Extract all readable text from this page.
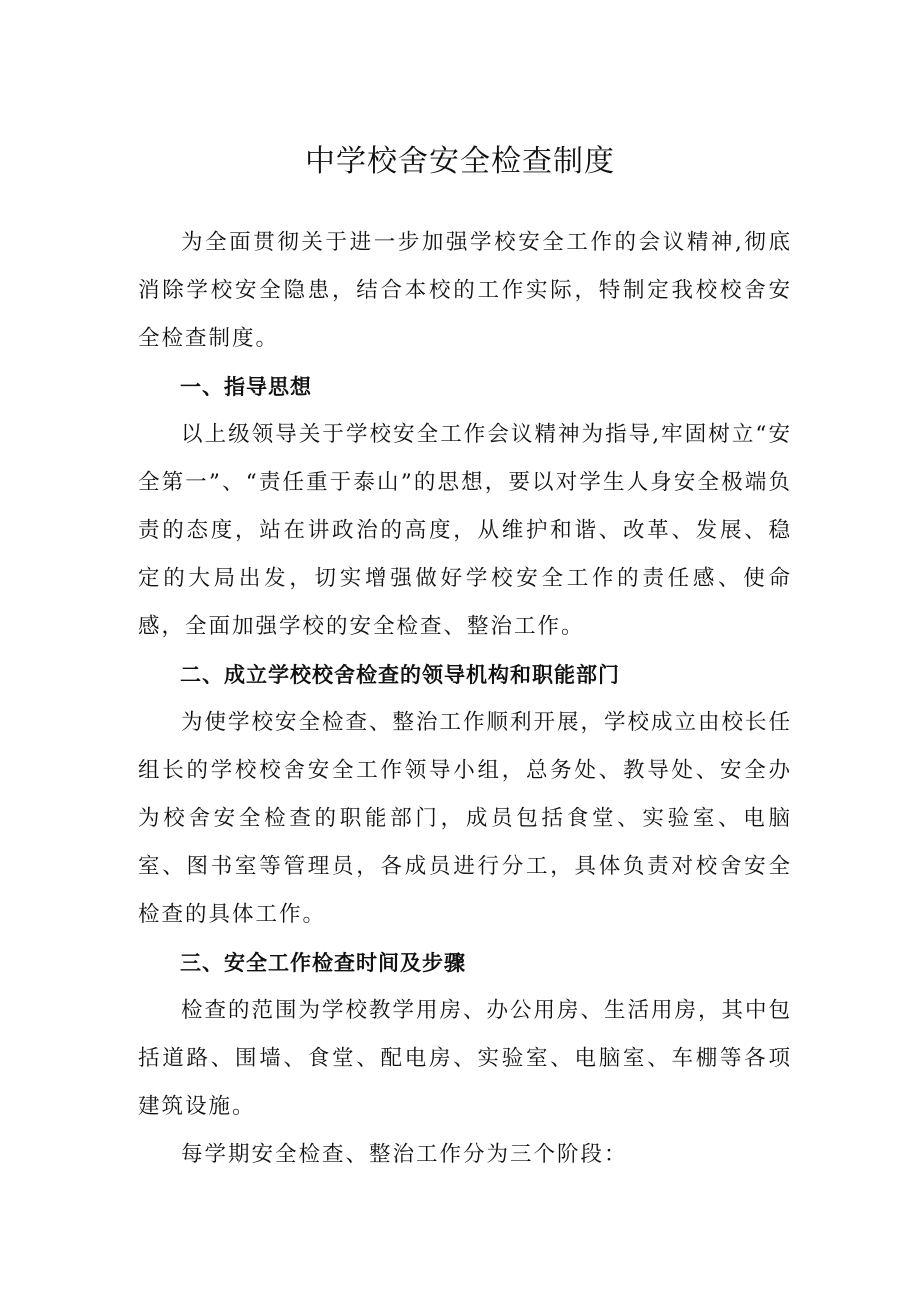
中学校舍安全检查制度

为全面贯彻关于进一步加强学校安全工作的会议精神,彻底消除学校安全隐患，结合本校的工作实际，特制定我校校舍安全检查制度。

一、指导思想

以上级领导关于学校安全工作会议精神为指导,牢固树立“安全第一”、“责任重于泰山”的思想，要以对学生人身安全极端负责的态度，站在讲政治的高度，从维护和谐、改革、发展、稳定的大局出发，切实增强做好学校安全工作的责任感、使命感，全面加强学校的安全检查、整治工作。

二、成立学校校舍检查的领导机构和职能部门

为使学校安全检查、整治工作顺利开展，学校成立由校长任组长的学校校舍安全工作领导小组，总务处、教导处、安全办为校舍安全检查的职能部门，成员包括食堂、实验室、电脑室、图书室等管理员，各成员进行分工，具体负责对校舍安全检查的具体工作。

三、安全工作检查时间及步骤

检查的范围为学校教学用房、办公用房、生活用房，其中包括道路、围墙、食堂、配电房、实验室、电脑室、车棚等各项建筑设施。

每学期安全检查、整治工作分为三个阶段：
